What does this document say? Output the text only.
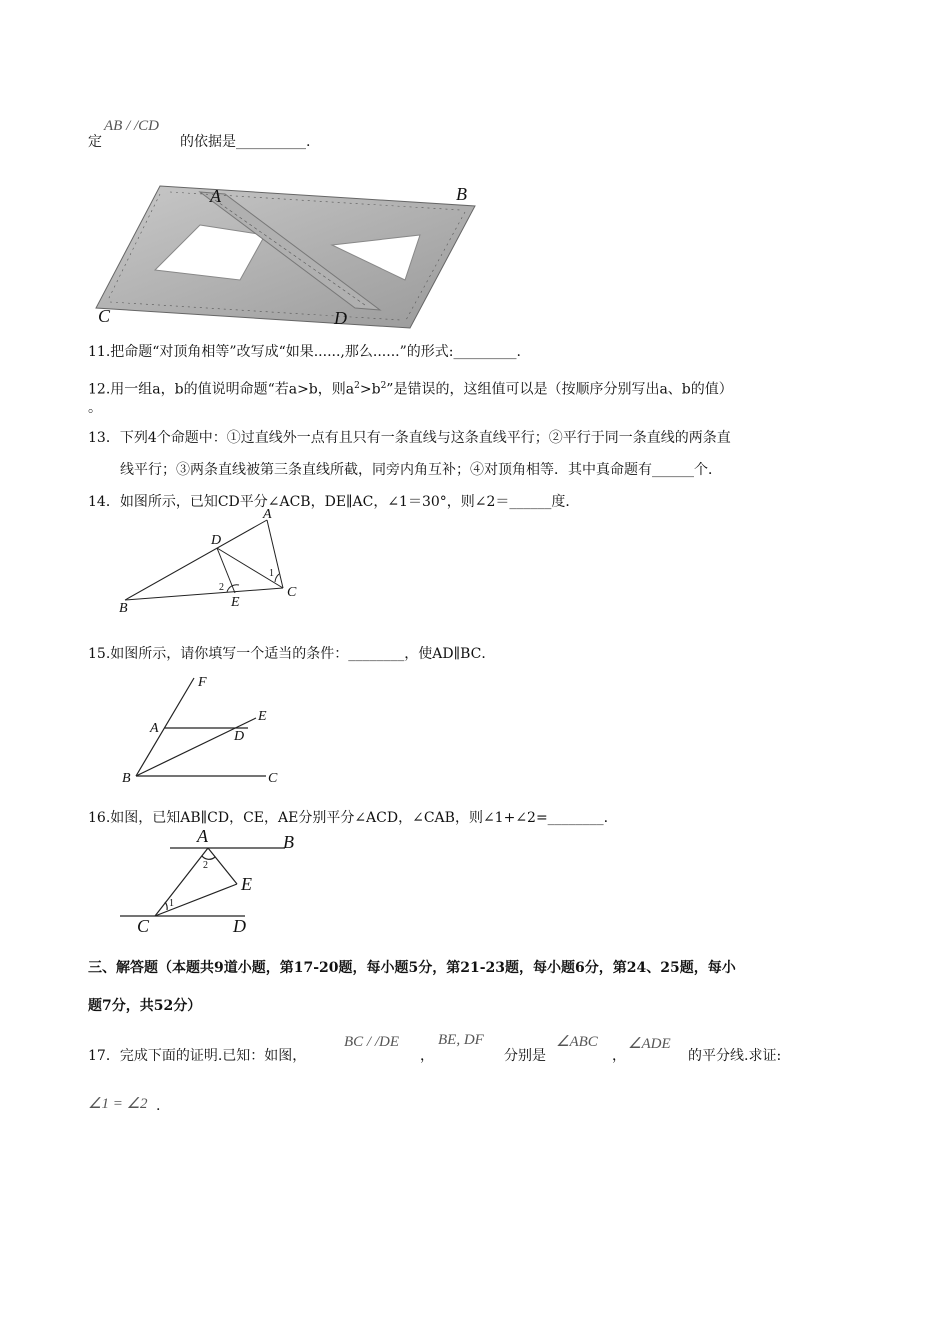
定
AB / /CD
的依据是__________.
A	B
C	D
11.把命题“对顶角相等”改写成“如果......,那么......”的形式:_________.
12.用一组a，b的值说明命题“若a>b，则$a^2>b^2$”是错误的，这组值可以是（按顺序分别写出a、b的值）
。
13．下列4个命题中：①过直线外一点有且只有一条直线与这条直线平行；②平行于同一条直线的两条直
线平行；③两条直线被第三条直线所截，同旁内角互补；④对顶角相等．其中真命题有______个．
14．如图所示，已知CD平分∠ACB，DE∥AC，∠1＝30°，则∠2＝______度．
A
B
C
D
E
1
2
15.如图所示，请你填写一个适当的条件：________，使AD∥BC．
F
A
E
D
B	C
16.如图，已知AB∥CD，CE，AE分别平分∠ACD，∠CAB，则∠1+∠2=________.
A	B
E
C	D
1
2
三、解答题（本题共9道小题，第17-20题，每小题5分，第21-23题，每小题6分，第24、25题，每小
题7分，共52分）
17．完成下面的证明.已知：如图，
BC / /DE
，
BE, DF
分别是
∠ABC
，
∠ADE
的平分线.求证:
∠1 = ∠2 .
